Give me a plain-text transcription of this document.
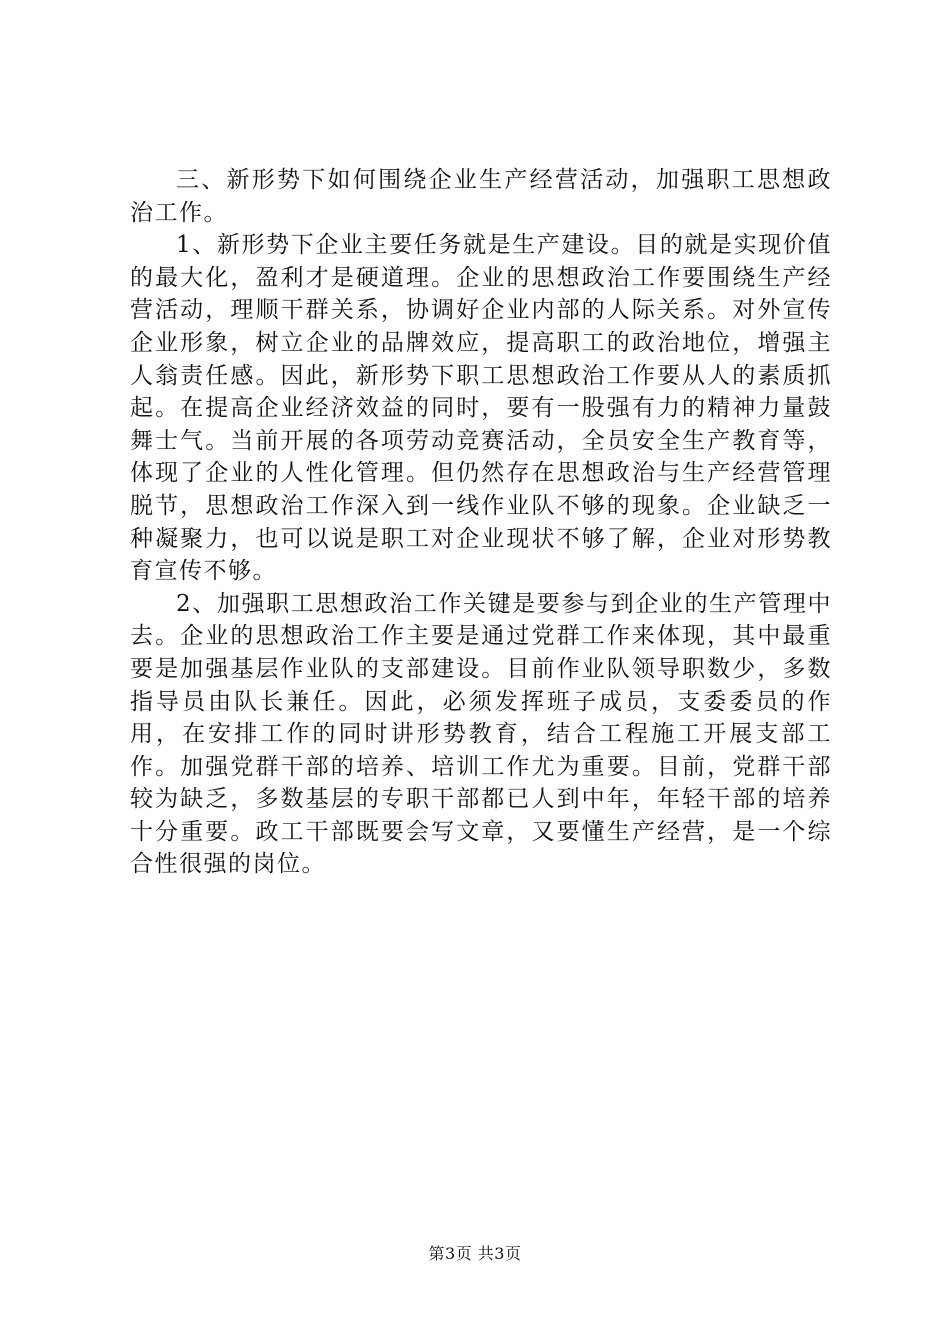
三、新形势下如何围绕企业生产经营活动，加强职工思想政治工作。

1、新形势下企业主要任务就是生产建设。目的就是实现价值的最大化，盈利才是硬道理。企业的思想政治工作要围绕生产经营活动，理顺干群关系，协调好企业内部的人际关系。对外宣传企业形象，树立企业的品牌效应，提高职工的政治地位，增强主人翁责任感。因此，新形势下职工思想政治工作要从人的素质抓起。在提高企业经济效益的同时，要有一股强有力的精神力量鼓舞士气。当前开展的各项劳动竞赛活动，全员安全生产教育等，体现了企业的人性化管理。但仍然存在思想政治与生产经营管理脱节，思想政治工作深入到一线作业队不够的现象。企业缺乏一种凝聚力，也可以说是职工对企业现状不够了解，企业对形势教育宣传不够。

2、加强职工思想政治工作关键是要参与到企业的生产管理中去。企业的思想政治工作主要是通过党群工作来体现，其中最重要是加强基层作业队的支部建设。目前作业队领导职数少，多数指导员由队长兼任。因此，必须发挥班子成员，支委委员的作用，在安排工作的同时讲形势教育，结合工程施工开展支部工作。加强党群干部的培养、培训工作尤为重要。目前，党群干部较为缺乏，多数基层的专职干部都已人到中年，年轻干部的培养十分重要。政工干部既要会写文章，又要懂生产经营，是一个综合性很强的岗位。

第3页 共3页
